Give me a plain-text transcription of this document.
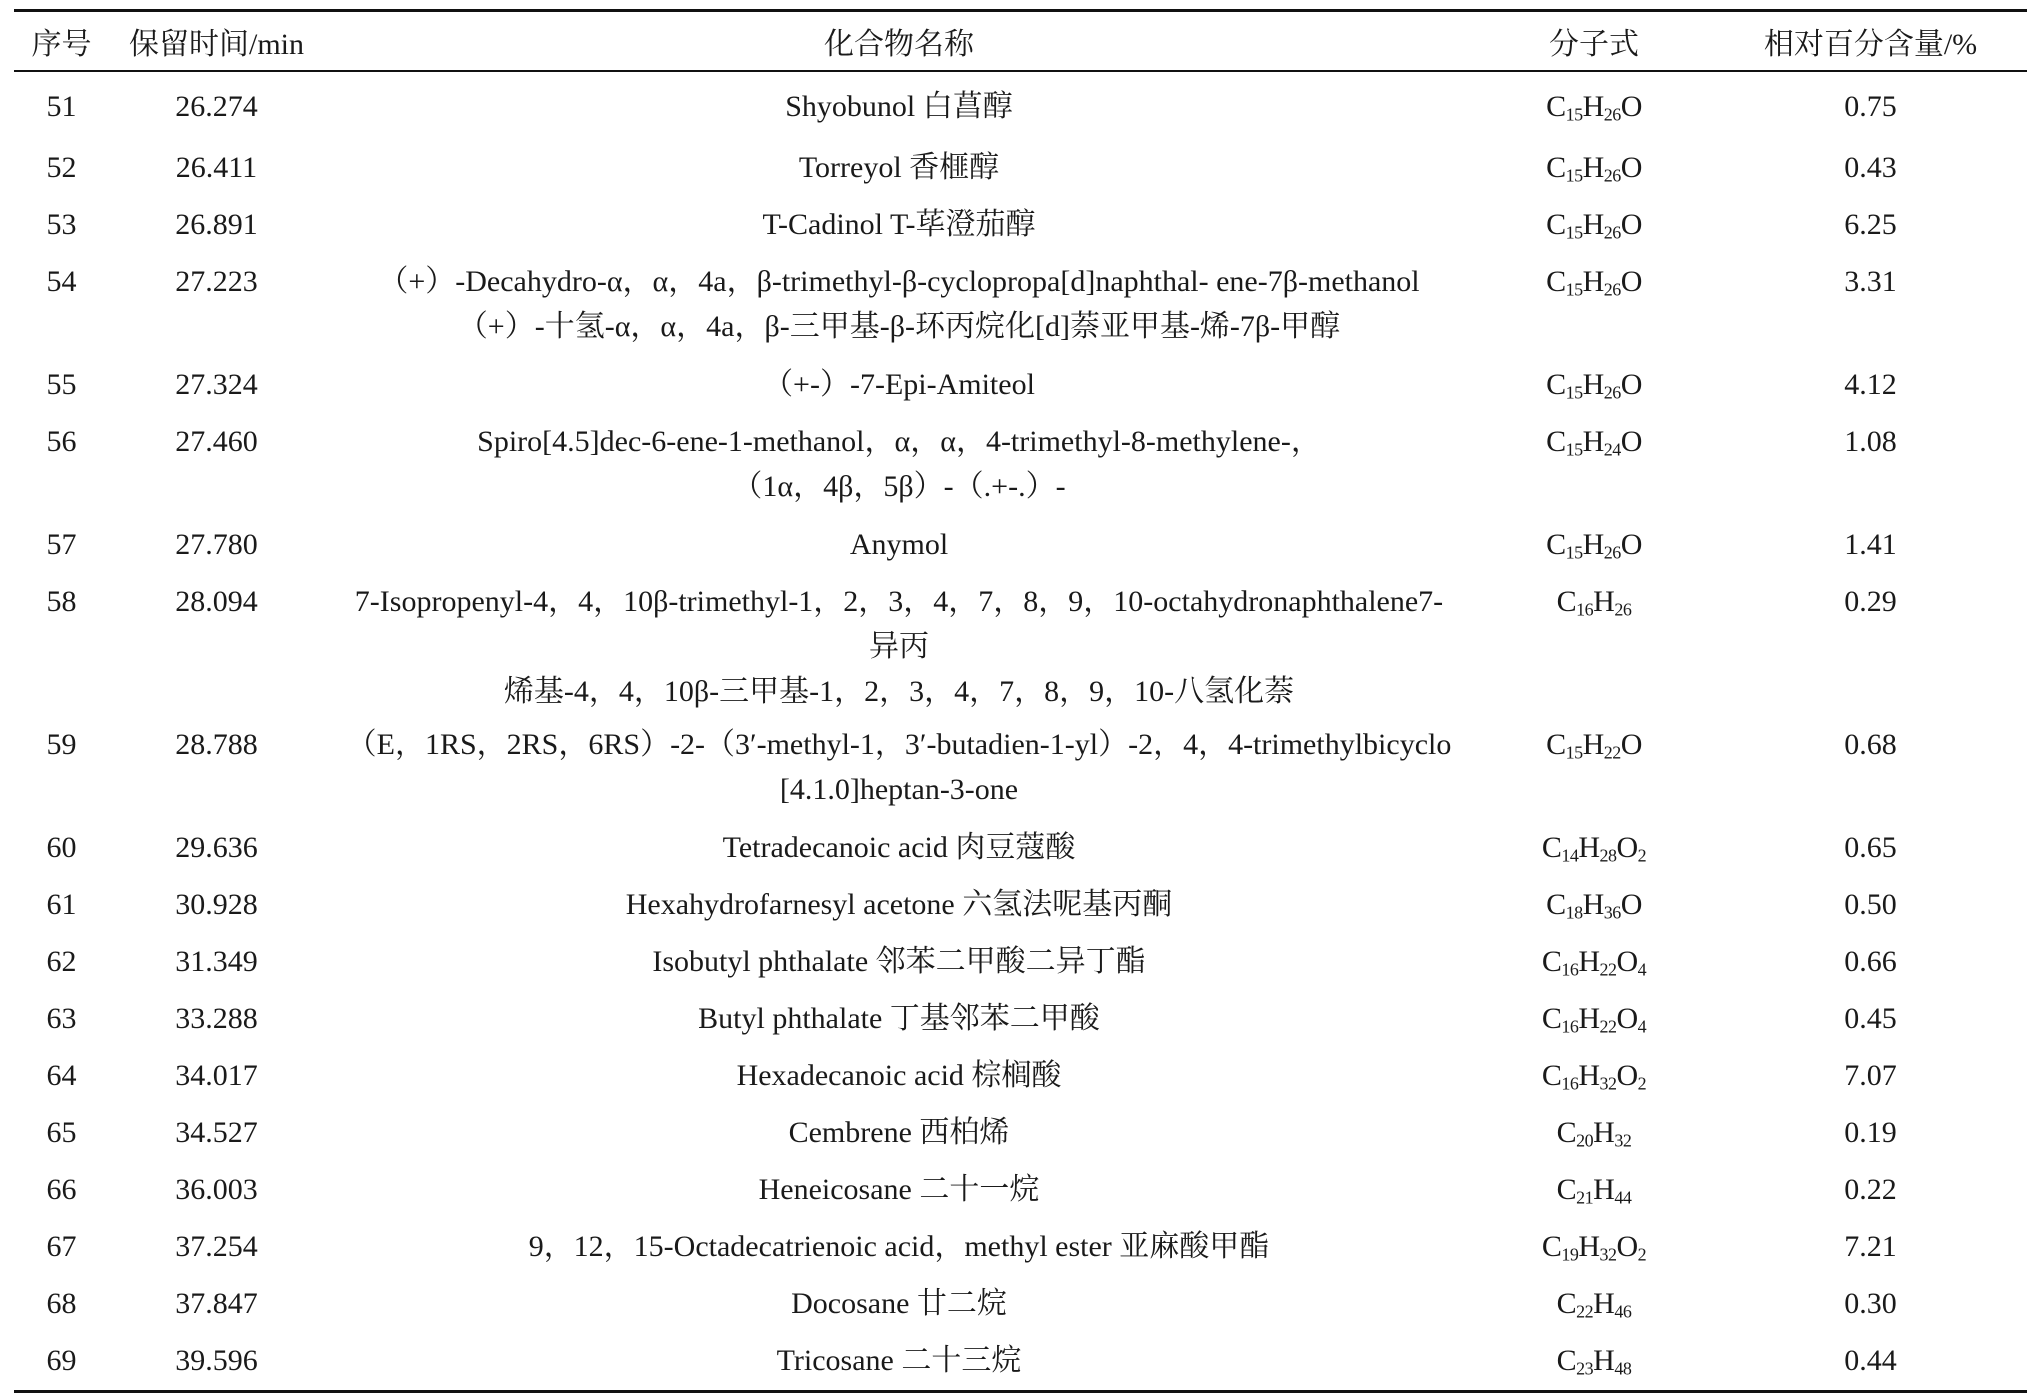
序号	保留时间/min	化合物名称	分子式	相对百分含量/%
51	26.274	Shyobunol 白菖醇	$C_{15}H_{26}O$	0.75
52	26.411	Torreyol 香榧醇	$C_{15}H_{26}O$	0.43
53	26.891	T-Cadinol T-荜澄茄醇	$C_{15}H_{26}O$	6.25
54	27.223	（+）-Decahydro-α，α，4a，β-trimethyl-β-cyclopropa[d]naphthal- ene-7β-methanol
（+）-十氢-α，α，4a，β-三甲基-β-环丙烷化[d]萘亚甲基-烯-7β-甲醇	$C_{15}H_{26}O$	3.31
55	27.324	（+-）-7-Epi-Amiteol	$C_{15}H_{26}O$	4.12
56	27.460	Spiro[4.5]dec-6-ene-1-methanol，α，α，4-trimethyl-8-methylene-，
（1α，4β，5β）-（.+-.）-	$C_{15}H_{24}O$	1.08
57	27.780	Anymol	$C_{15}H_{26}O$	1.41
58	28.094	7-Isopropenyl-4，4，10β-trimethyl-1，2，3，4，7，8，9，10-octahydronaphthalene7-异丙
烯基-4，4，10β-三甲基-1，2，3，4，7，8，9，10-八氢化萘	$C_{16}H_{26}$	0.29
59	28.788	（E，1RS，2RS，6RS）-2-（3′-methyl-1，3′-butadien-1-yl）-2，4，4-trimethylbicyclo
[4.1.0]heptan-3-one	$C_{15}H_{22}O$	0.68
60	29.636	Tetradecanoic acid 肉豆蔻酸	$C_{14}H_{28}O_2$	0.65
61	30.928	Hexahydrofarnesyl acetone 六氢法呢基丙酮	$C_{18}H_{36}O$	0.50
62	31.349	Isobutyl phthalate 邻苯二甲酸二异丁酯	$C_{16}H_{22}O_4$	0.66
63	33.288	Butyl phthalate 丁基邻苯二甲酸	$C_{16}H_{22}O_4$	0.45
64	34.017	Hexadecanoic acid 棕榈酸	$C_{16}H_{32}O_2$	7.07
65	34.527	Cembrene 西柏烯	$C_{20}H_{32}$	0.19
66	36.003	Heneicosane 二十一烷	$C_{21}H_{44}$	0.22
67	37.254	9，12，15-Octadecatrienoic acid，methyl ester 亚麻酸甲酯	$C_{19}H_{32}O_2$	7.21
68	37.847	Docosane 廿二烷	$C_{22}H_{46}$	0.30
69	39.596	Tricosane 二十三烷	$C_{23}H_{48}$	0.44
